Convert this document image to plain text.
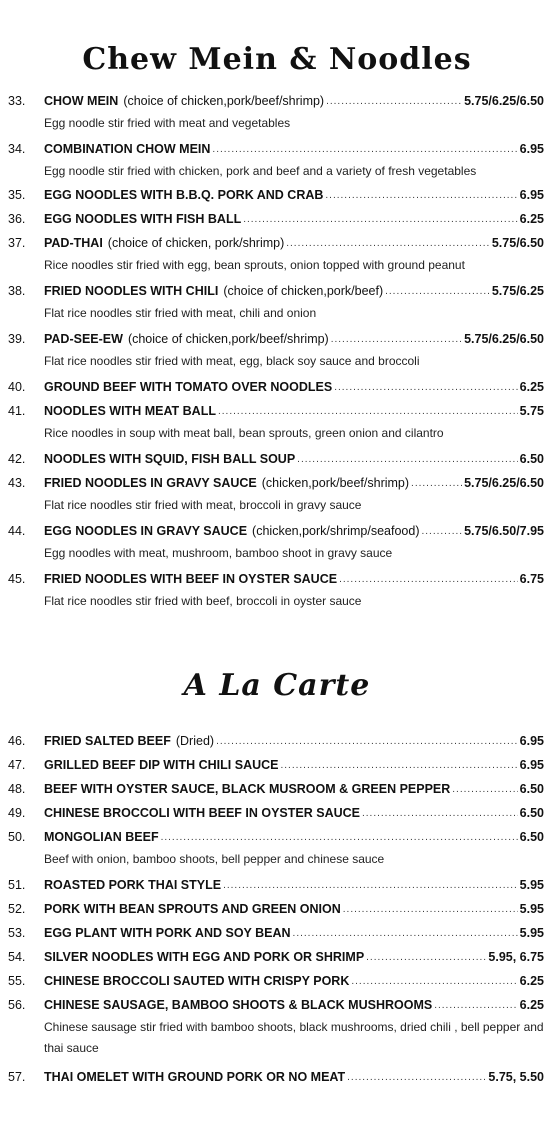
Chew Mein & Noodles
A La Carte
33.	CHOW MEIN (choice of chicken,pork/beef/shrimp) .....	5.75/6.25/6.50
Egg noodle stir fried with meat and vegetables
34.	COMBINATION CHOW MEIN .....	6.95
Egg noodle stir fried with chicken, pork and beef and a variety of fresh vegetables
35.	EGG NOODLES WITH B.B.Q. PORK AND CRAB .....	6.95
36.	EGG NOODLES WITH FISH BALL .....	6.25
37.	PAD-THAI (choice of chicken, pork/shrimp) .....	5.75/6.50
Rice noodles stir fried with egg, bean sprouts, onion topped with ground peanut
38.	FRIED NOODLES WITH CHILI (choice of chicken,pork/beef) .....	5.75/6.25
Flat rice noodles stir fried with meat, chili and onion
39.	PAD-SEE-EW (choice of chicken,pork/beef/shrimp) .....	5.75/6.25/6.50
Flat rice noodles stir fried with meat, egg, black soy sauce and broccoli
40.	GROUND BEEF WITH TOMATO OVER NOODLES .....	6.25
41.	NOODLES WITH MEAT BALL .....	5.75
Rice noodles in soup with meat ball, bean sprouts, green onion and cilantro
42.	NOODLES WITH SQUID, FISH BALL SOUP .....	6.50
43.	FRIED NOODLES IN GRAVY SAUCE (chicken,pork/beef/shrimp) .....	5.75/6.25/6.50
Flat rice noodles stir fried with meat, broccoli in gravy sauce
44.	EGG NOODLES IN GRAVY SAUCE (chicken,pork/shrimp/seafood) .....	5.75/6.50/7.95
Egg noodles with meat, mushroom, bamboo shoot in gravy sauce
45.	FRIED NOODLES WITH BEEF IN OYSTER SAUCE .....	6.75
Flat rice noodles stir fried with beef, broccoli in oyster sauce
46.	FRIED SALTED BEEF (Dried) .....	6.95
47.	GRILLED BEEF DIP WITH CHILI SAUCE .....	6.95
48.	BEEF WITH OYSTER SAUCE, BLACK MUSROOM & GREEN PEPPER .....	6.50
49.	CHINESE BROCCOLI WITH BEEF IN OYSTER SAUCE .....	6.50
50.	MONGOLIAN BEEF .....	6.50
Beef with onion, bamboo shoots, bell pepper and chinese sauce
51.	ROASTED PORK THAI STYLE .....	5.95
52.	PORK WITH BEAN SPROUTS AND GREEN ONION .....	5.95
53.	EGG PLANT WITH PORK AND SOY BEAN .....	5.95
54.	SILVER NOODLES WITH EGG AND PORK OR SHRIMP .....	5.95, 6.75
55.	CHINESE BROCCOLI SAUTED WITH CRISPY PORK .....	6.25
56.	CHINESE SAUSAGE, BAMBOO SHOOTS & BLACK MUSHROOMS .....	6.25
Chinese sausage stir fried with bamboo shoots, black mushrooms, dried chili , bell pepper and thai sauce
57.	THAI OMELET WITH GROUND PORK OR NO MEAT .....	5.75, 5.50
